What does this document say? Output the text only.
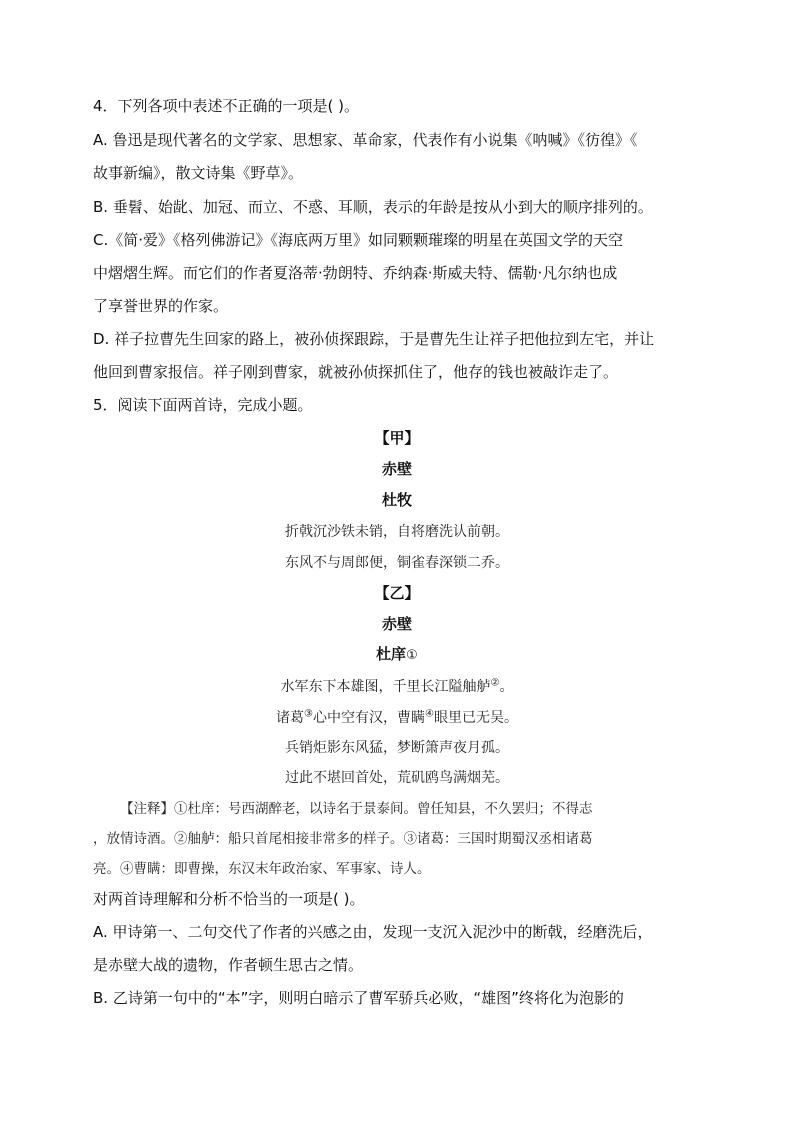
4．下列各项中表述不正确的一项是( )。
A. 鲁迅是现代著名的文学家、思想家、革命家，代表作有小说集《呐喊》《彷徨》《
故事新编》，散文诗集《野草》。
B. 垂髫、始龀、加冠、而立、不惑、耳顺，表示的年龄是按从小到大的顺序排列的。
C.《简·爱》《格列佛游记》《海底两万里》如同颗颗璀璨的明星在英国文学的天空
中熠熠生辉。而它们的作者夏洛蒂·勃朗特、乔纳森·斯威夫特、儒勒·凡尔纳也成
了享誉世界的作家。
D. 祥子拉曹先生回家的路上，被孙侦探跟踪，于是曹先生让祥子把他拉到左宅，并让
他回到曹家报信。祥子刚到曹家，就被孙侦探抓住了，他存的钱也被敲诈走了。
5．阅读下面两首诗，完成小题。
【甲】
赤壁
杜牧
折戟沉沙铁未销，自将磨洗认前朝。
东风不与周郎便，铜雀春深锁二乔。
【乙】
赤壁
杜庠①
水军东下本雄图，千里长江隘舳舻②。
诸葛③心中空有汉，曹瞒④眼里已无吴。
兵销炬影东风猛，梦断箫声夜月孤。
过此不堪回首处，荒矶鸥鸟满烟芜。
【注释】①杜庠：号西湖醉老，以诗名于景泰间。曾任知县，不久罢归；不得志
，放情诗酒。②舳舻：船只首尾相接非常多的样子。③诸葛：三国时期蜀汉丞相诸葛
亮。④曹瞒：即曹操，东汉末年政治家、军事家、诗人。
对两首诗理解和分析不恰当的一项是( )。
A. 甲诗第一、二句交代了作者的兴感之由，发现一支沉入泥沙中的断戟，经磨洗后，
是赤壁大战的遗物，作者顿生思古之情。
B. 乙诗第一句中的“本”字，则明白暗示了曹军骄兵必败，“雄图”终将化为泡影的
